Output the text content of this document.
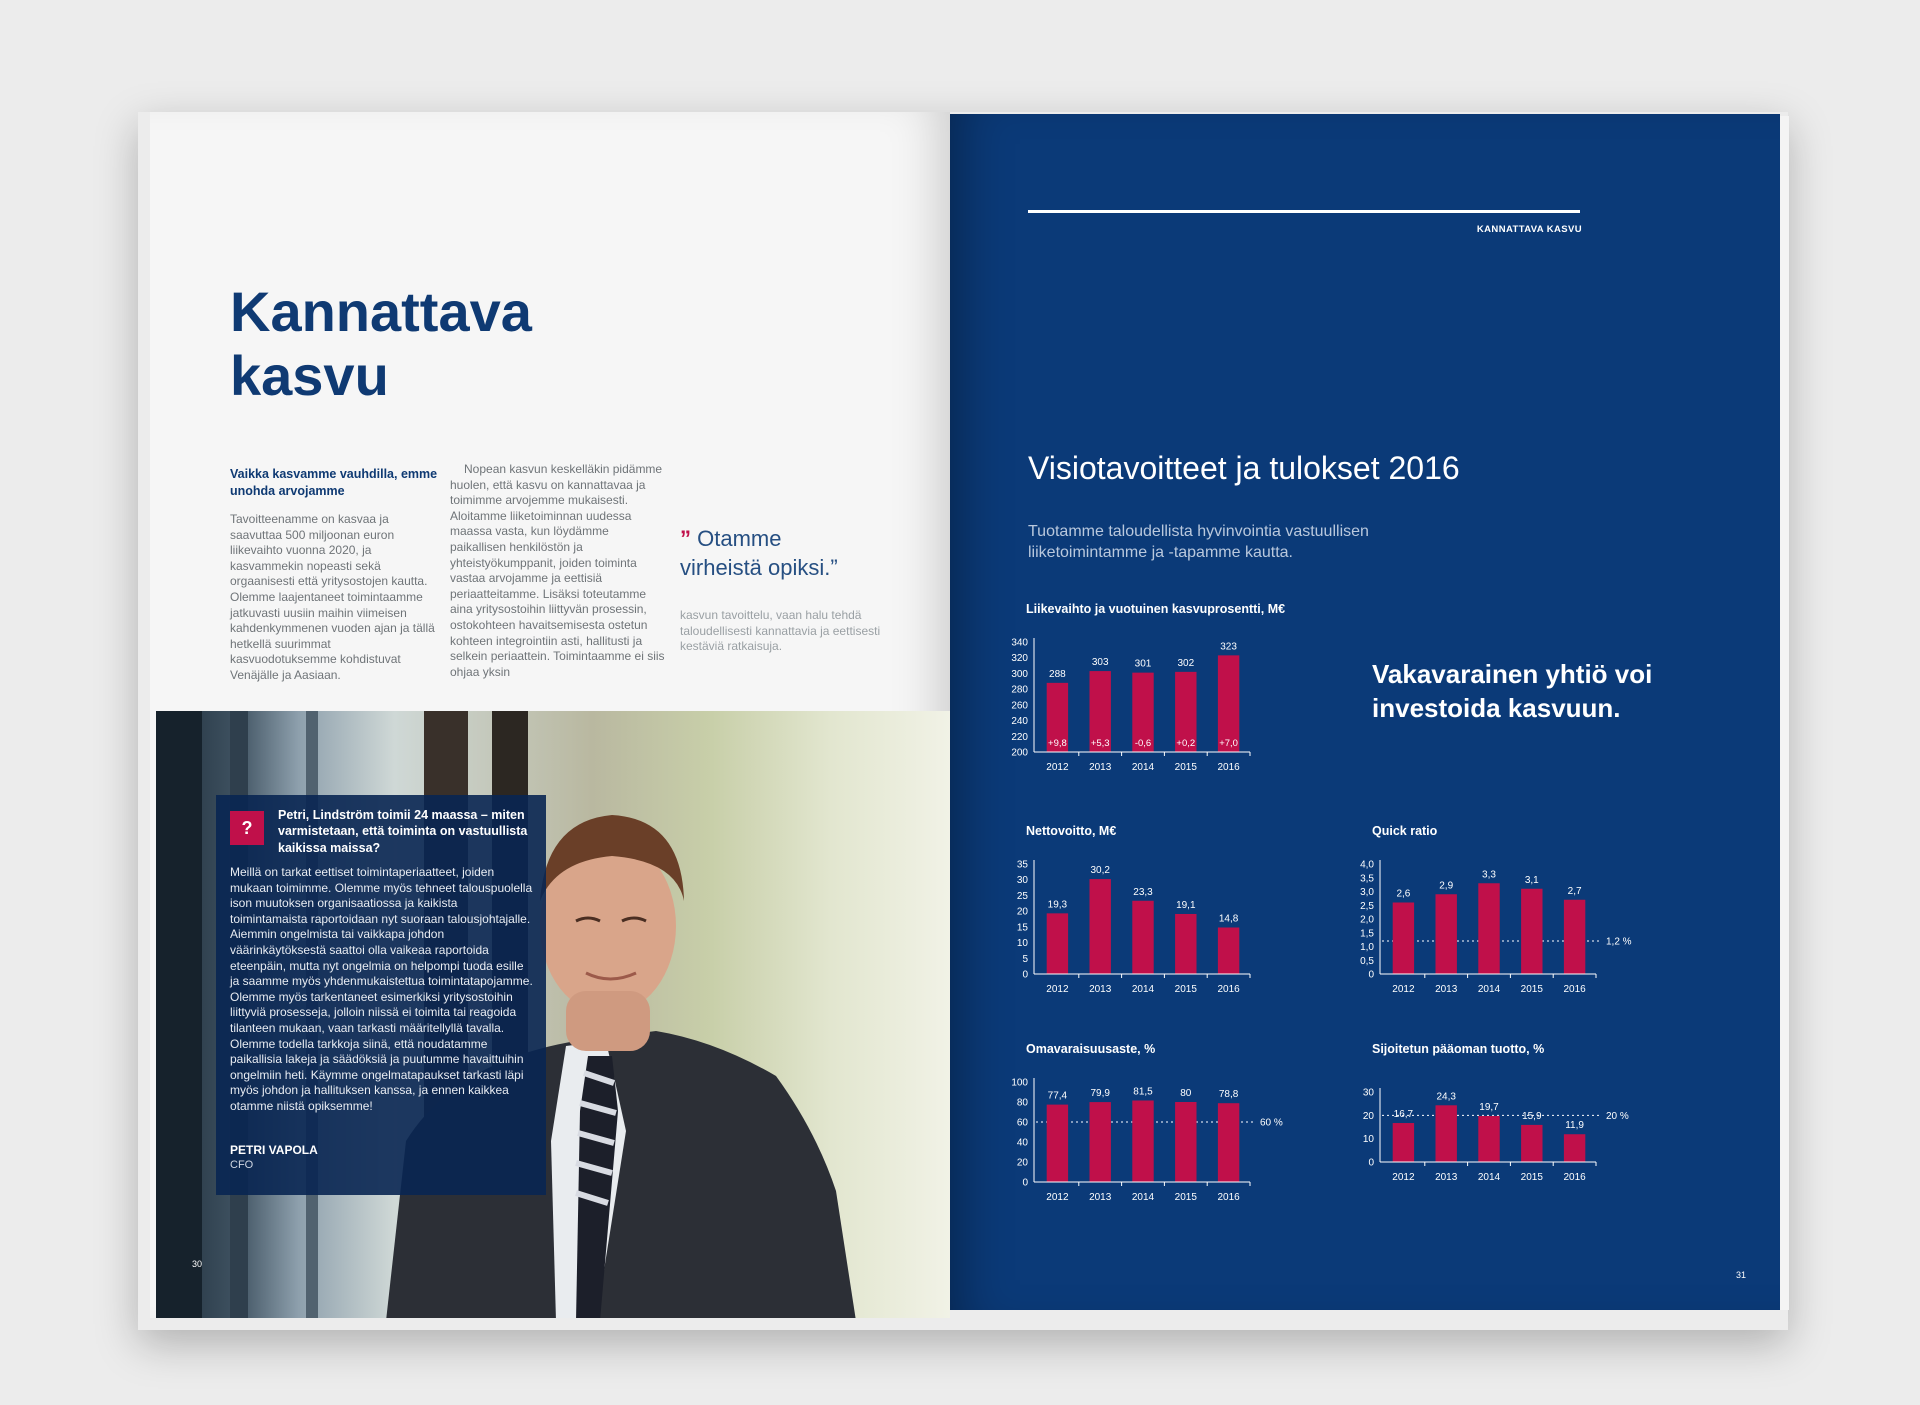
Kannattava
kasvu
Vaikka kasvamme vauhdilla, emme unohda arvojamme
Tavoitteenamme on kasvaa ja saavuttaa 500 miljoonan euron liikevaihto vuonna 2020, ja kasvammekin nopeasti sekä orgaanisesti että yritysostojen kautta. Olemme laajentaneet toimintaamme jatkuvasti uusiin maihin viimeisen kahdenkymmenen vuoden ajan ja tällä hetkellä suurimmat kasvuodotuksemme kohdistuvat Venäjälle ja Aasiaan.
Nopean kasvun keskelläkin pidämme huolen, että kasvu on kannattavaa ja toimimme arvojemme mukaisesti. Aloitamme liiketoiminnan uudessa maassa vasta, kun löydämme paikallisen henkilöstön ja yhteistyökumppanit, joiden toiminta vastaa arvojamme ja eettisiä periaatteitamme. Lisäksi toteutamme aina yritysostoihin liittyvän prosessin, ostokohteen havaitsemisesta ostetun kohteen integrointiin asti, hallitusti ja selkein periaattein. Toimintaamme ei siis ohjaa yksin
” Otamme
virheistä opiksi.”
kasvun tavoittelu, vaan halu tehdä taloudellisesti kannattavia ja eettisesti kestäviä ratkaisuja.
?
Petri, Lindström toimii 24 maassa – miten varmistetaan, että toiminta on vastuullista kaikissa maissa?
Meillä on tarkat eettiset toimintaperiaatteet, joiden mukaan toimimme. Olemme myös tehneet talouspuolella ison muutoksen organisaatiossa ja kaikista toimintamaista raportoidaan nyt suoraan talousjohtajalle. Aiemmin ongelmista tai vaikkapa johdon väärinkäytöksestä saattoi olla vaikeaa raportoida eteenpäin, mutta nyt ongelmia on helpompi tuoda esille ja saamme myös yhdenmukaistettua toimintatapojamme. Olemme myös tarkentaneet esimerkiksi yritysostoihin liittyviä prosesseja, jolloin niissä ei toimita tai reagoida tilanteen mukaan, vaan tarkasti määritellyllä tavalla. Olemme todella tarkkoja siinä, että noudatamme paikallisia lakeja ja säädöksiä ja puutumme havaittuihin ongelmiin heti. Käymme ongelmatapaukset tarkasti läpi myös johdon ja hallituksen kanssa, ja ennen kaikkea otamme niistä opiksemme!
PETRI VAPOLA
CFO
30
KANNATTAVA KASVU
Visiotavoitteet ja tulokset 2016
Tuotamme taloudellista hyvinvointia vastuullisen liiketoimintamme ja -tapamme kautta.
Vakavarainen yhtiö voi investoida kasvuun.
Liikevaihto ja vuotuinen kasvuprosentti, M€
200
220
240
260
280
300
320
340
288
+9,8
2012
303
+5,3
2013
301
-0,6
2014
302
+0,2
2015
323
+7,0
2016
Nettovoitto, M€
0
5
10
15
20
25
30
35
19,3
2012
30,2
2013
23,3
2014
19,1
2015
14,8
2016
Quick ratio
0
0,5
1,0
1,5
2,0
2,5
3,0
3,5
4,0
1,2 %
2,6
2012
2,9
2013
3,3
2014
3,1
2015
2,7
2016
Omavaraisuusaste, %
0
20
40
60
80
100
60 %
77,4
2012
79,9
2013
81,5
2014
80
2015
78,8
2016
Sijoitetun pääoman tuotto, %
0
10
20
30
20 %
16,7
2012
24,3
2013
19,7
2014
15,9
2015
11,9
2016
31
